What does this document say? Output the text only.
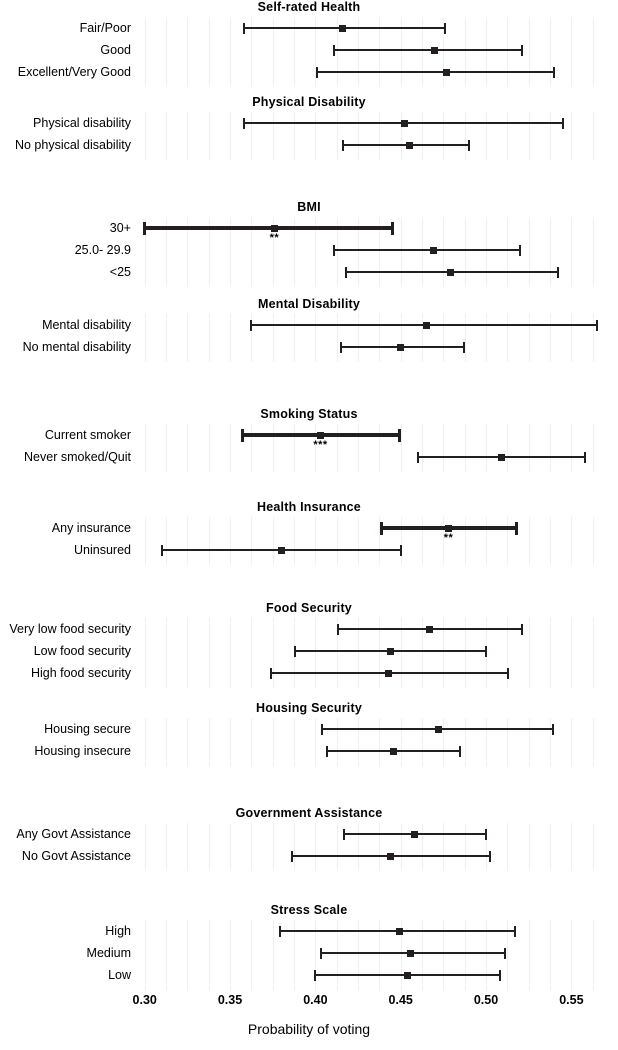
Self-rated Health
Fair/Poor
Good
Excellent/Very Good
Physical Disability
Physical disability
No physical disability
BMI
30+
**
25.0- 29.9
<25
Mental Disability
Mental disability
No mental disability
Smoking Status
Current smoker
***
Never smoked/Quit
Health Insurance
Any insurance
**
Uninsured
Food Security
Very low food security
Low food security
High food security
Housing Security
Housing secure
Housing insecure
Government Assistance
Any Govt Assistance
No Govt Assistance
Stress Scale
High
Medium
Low
0.30	0.35	0.40	0.45	0.50	0.55
Probability of voting
